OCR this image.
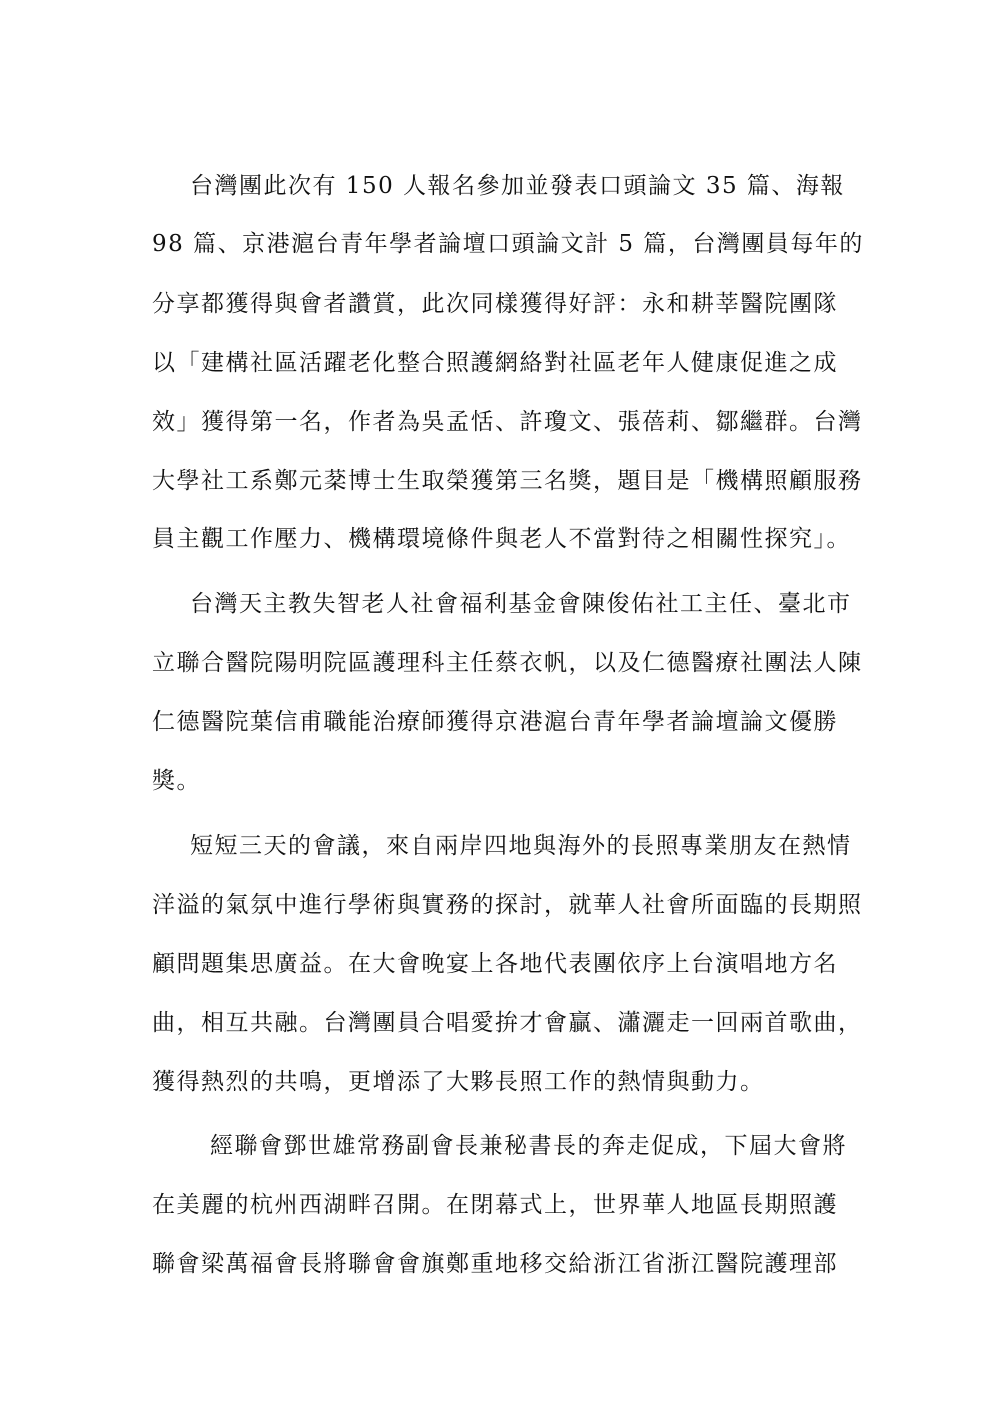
台灣團此次有 150 人報名參加並發表口頭論文 35 篇、海報
98 篇、京港滬台青年學者論壇口頭論文計 5 篇，台灣團員每年的
分享都獲得與會者讚賞，此次同樣獲得好評：永和耕莘醫院團隊
以「建構社區活躍老化整合照護網絡對社區老年人健康促進之成
效」獲得第一名，作者為吳孟恬、許瓊文、張蓓莉、鄒繼群。台灣
大學社工系鄭元棻博士生取榮獲第三名獎，題目是「機構照顧服務
員主觀工作壓力、機構環境條件與老人不當對待之相關性探究」。
台灣天主教失智老人社會福利基金會陳俊佑社工主任、臺北市
立聯合醫院陽明院區護理科主任蔡衣帆，以及仁德醫療社團法人陳
仁德醫院葉信甫職能治療師獲得京港滬台青年學者論壇論文優勝
獎。
短短三天的會議，來自兩岸四地與海外的長照專業朋友在熱情
洋溢的氣氛中進行學術與實務的探討，就華人社會所面臨的長期照
顧問題集思廣益。在大會晚宴上各地代表團依序上台演唱地方名
曲，相互共融。台灣團員合唱愛拚才會贏、瀟灑走一回兩首歌曲，
獲得熱烈的共鳴，更增添了大夥長照工作的熱情與動力。
經聯會鄧世雄常務副會長兼秘書長的奔走促成，下屆大會將
在美麗的杭州西湖畔召開。在閉幕式上，世界華人地區長期照護
聯會梁萬福會長將聯會會旗鄭重地移交給浙江省浙江醫院護理部
